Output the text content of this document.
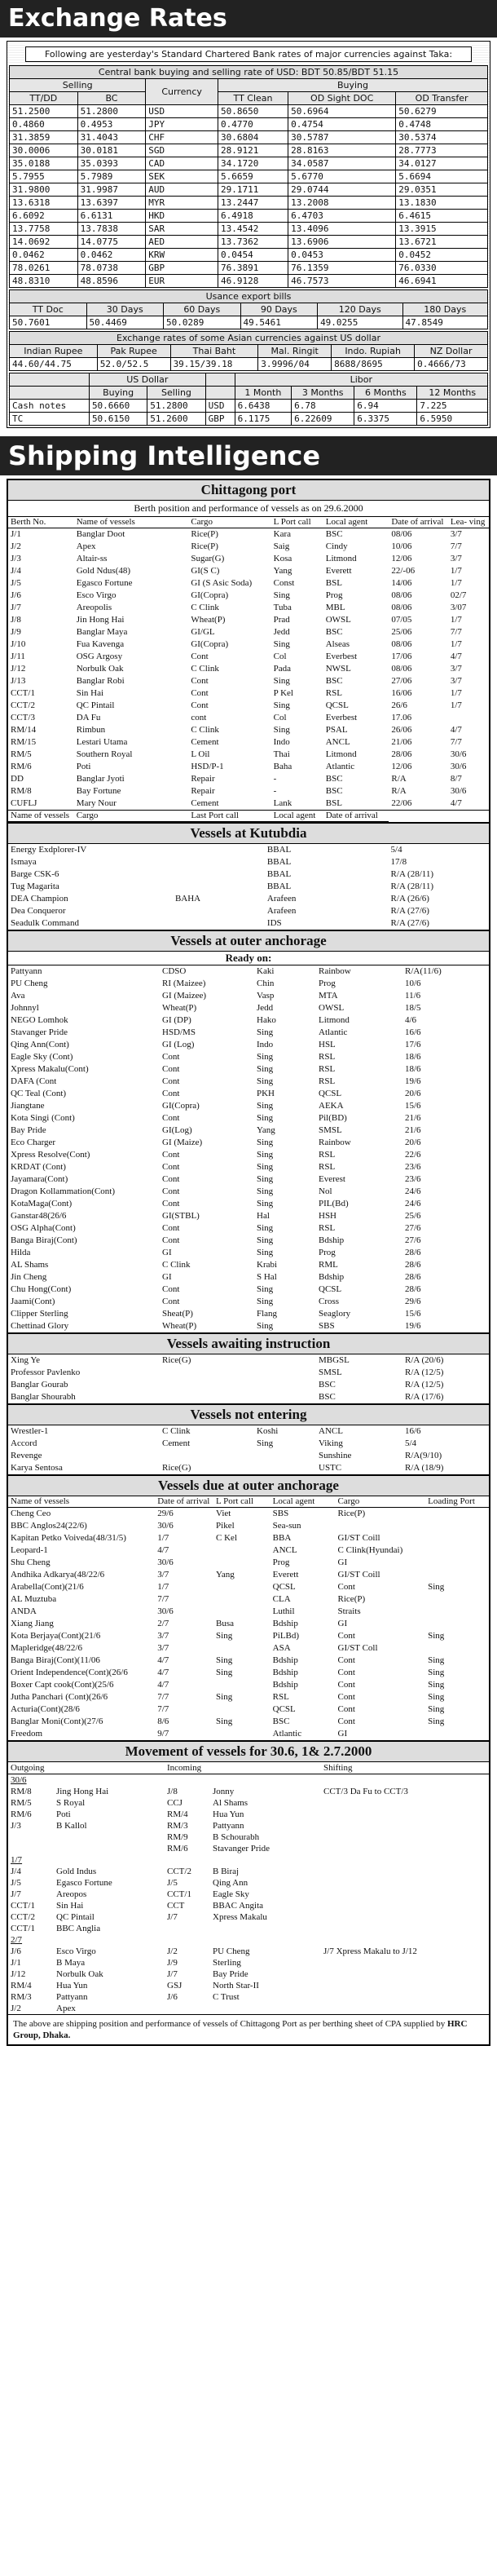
Exchange Rates
Following are yesterday's Standard Chartered Bank rates of major currencies against Taka:
Central bank buying and selling rate of USD: BDT 50.85/BDT 51.15					
Selling		Currency	Buying		
TT/DD	BC		TT Clean	OD Sight DOC	OD Transfer
51.2500	51.2800	USD	50.8650	50.6964	50.6279
0.4860	0.4953	JPY	0.4770	0.4754	0.4748
31.3859	31.4043	CHF	30.6804	30.5787	30.5374
30.0006	30.0181	SGD	28.9121	28.8163	28.7773
35.0188	35.0393	CAD	34.1720	34.0587	34.0127
5.7955	5.7989	SEK	5.6659	5.6770	5.6694
31.9800	31.9987	AUD	29.1711	29.0744	29.0351
13.6318	13.6397	MYR	13.2447	13.2008	13.1830
6.6092	6.6131	HKD	6.4918	6.4703	6.4615
13.7758	13.7838	SAR	13.4542	13.4096	13.3915
14.0692	14.0775	AED	13.7362	13.6906	13.6721
0.0462	0.0462	KRW	0.0454	0.0453	0.0452
78.0261	78.0738	GBP	76.3891	76.1359	76.0330
48.8310	48.8596	EUR	46.9128	46.7573	46.6941
Usance export bills					
TT Doc	30 Days	60 Days	90 Days	120 Days	180 Days
50.7601	50.4469	50.0289	49.5461	49.0255	47.8549
Exchange rates of some Asian currencies against US dollar					
Indian Rupee	Pak Rupee	Thai Baht	Mal. Ringit	Indo. Rupiah	NZ Dollar
44.60/44.75	52.0/52.5	39.15/39.18	3.9996/04	8688/8695	0.4666/73
	US Dollar			Libor			
	Buying	Selling		1 Month	3 Months	6 Months	12 Months
Cash notes	50.6660	51.2800	USD	6.6438	6.78	6.94	7.225
TC	50.6150	51.2600	GBP	6.1175	6.22609	6.3375	6.5950
Shipping Intelligence
Chittagong port
Berth position and performance of vessels as on 29.6.2000
Berth No.	Name of vessels	Cargo	L Port call	Local agent	Date of arrival	Lea- ving
J/1	Banglar Doot	Rice(P)	Kara	BSC	08/06	3/7
J/2	Apex	Rice(P)	Saig	Cindy	10/06	7/7
J/3	Altair-ss	Sugar(G)	Kosa	Litmond	12/06	3/7
J/4	Gold Ndus(48)	GI(S C)	Yang	Everett	22/-06	1/7
J/5	Egasco Fortune	GI (S Asic Soda)	Const	BSL	14/06	1/7
J/6	Esco Virgo	GI(Copra)	Sing	Prog	08/06	02/7
J/7	Areopolis	C Clink	Tuba	MBL	08/06	3/07
J/8	Jin Hong Hai	Wheat(P)	Prad	OWSL	07/05	1/7
J/9	Banglar Maya	GI/GL	Jedd	BSC	25/06	7/7
J/10	Fua Kavenga	GI(Copra)	Sing	Alseas	08/06	1/7
J/11	OSG Argosy	Cont	Col	Everbest	17/06	4/7
J/12	Norbulk Oak	C Clink	Pada	NWSL	08/06	3/7
J/13	Banglar Robi	Cont	Sing	BSC	27/06	3/7
CCT/1	Sin Hai	Cont	P Kel	RSL	16/06	1/7
CCT/2	QC Pintail	Cont	Sing	QCSL	26/6	1/7
CCT/3	DA Fu	cont	Col	Everbest	17.06	
RM/14	Rimbun	C Clink	Sing	PSAL	26/06	4/7
RM/15	Lestari Utama	Cement	Indo	ANCL	21/06	7/7
RM/5	Southern Royal	L Oil	Thai	Litmond	28/06	30/6
RM/6	Poti	HSD/P-1	Baha	Atlantic	12/06	30/6
DD	Banglar Jyoti	Repair	-	BSC	R/A	8/7
RM/8	Bay Fortune	Repair	-	BSC	R/A	30/6
CUFLJ	Mary Nour	Cement	Lank	BSL	22/06	4/7
Name of vessels	Cargo	Last Port call	Local agent	Date of arrival		
Vessels at Kutubdia
Energy Exdplorer-IV		BBAL	5/4
Ismaya		BBAL	17/8
Barge CSK-6		BBAL	R/A (28/11)
Tug Magarita		BBAL	R/A (28/11)
DEA Champion	BAHA	Arafeen	R/A (26/6)
Dea Conqueror		Arafeen	R/A (27/6)
Seadulk Command		IDS	R/A (27/6)
Vessels at outer anchorage
Ready on:
Pattyann	CDSO	Kaki	Rainbow	R/A(11/6)
PU Cheng	RI (Maizee)	Chin	Prog	10/6
Ava	GI (Maizee)	Vasp	MTA	11/6
Johnnyl	Wheat(P)	Jedd	OWSL	18/5
NEGO Lomhok	GI (DP)	Hako	Litmond	4/6
Stavanger Pride	HSD/MS	Sing	Atlantic	16/6
Qing Ann(Cont)	GI (Log)	Indo	HSL	17/6
Eagle Sky (Cont)	Cont	Sing	RSL	18/6
Xpress Makalu(Cont)	Cont	Sing	RSL	18/6
DAFA (Cont	Cont	Sing	RSL	19/6
QC Teal (Cont)	Cont	PKH	QCSL	20/6
Jiangtane	GI(Copra)	Sing	AEKA	15/6
Kota Singi (Cont)	Cont	Sing	Pil(BD)	21/6
Bay Pride	GI(Log)	Yang	SMSL	21/6
Eco Charger	GI (Maize)	Sing	Rainbow	20/6
Xpress Resolve(Cont)	Cont	Sing	RSL	22/6
KRDAT (Cont)	Cont	Sing	RSL	23/6
Jayamara(Cont)	Cont	Sing	Everest	23/6
Dragon Kollammation(Cont)	Cont	Sing	Nol	24/6
KotaMaga(Cont)	Cont	Sing	PIL(Bd)	24/6
Ganstar48(26/6	GI(STBL)	Hal	HSH	25/6
OSG Alpha(Cont)	Cont	Sing	RSL	27/6
Banga Biraj(Cont)	Cont	Sing	Bdship	27/6
Hilda	GI	Sing	Prog	28/6
AL Shams	C Clink	Krabi	RML	28/6
Jin Cheng	GI	S Hal	Bdship	28/6
Chu Hong(Cont)	Cont	Sing	QCSL	28/6
Jaami(Cont)	Cont	Sing	Cross	29/6
Clipper Sterling	Sheat(P)	Flang	Seaglory	15/6
Chettinad Glory	Wheat(P)	Sing	SBS	19/6
Vessels awaiting instruction
Xing Ye	Rice(G)		MBGSL	R/A (20/6)
Professor Pavlenko			SMSL	R/A (12/5)
Banglar Gourab			BSC	R/A (12/5)
Banglar Shourabh			BSC	R/A (17/6)
Vessels not entering
Wrestler-1	C Clink	Koshi	ANCL	16/6
Accord	Cement	Sing	Viking	5/4
Revenge			Sunshine	R/A(9/10)
Karya Sentosa	Rice(G)		USTC	R/A (18/9)
Vessels due at outer anchorage
Name of vessels	Date of arrival	L Port call	Local agent	Cargo	Loading Port
Cheng Ceo	29/6	Viet	SBS	Rice(P)	
BBC Anglos24(22/6)	30/6	Pikel	Sea-sun		
Kapitan Petko Voiveda(48/31/5)	1/7	C Kel	BBA	GI/ST Coill	
Leopard-1	4/7		ANCL	C Clink(Hyundai)	
Shu Cheng	30/6		Prog	GI	
Andhika Adkarya(48/22/6	3/7	Yang	Everett	GI/ST Coill	
Arabella(Cont)(21/6	1/7		QCSL	Cont	Sing
AL Muztuba	7/7		CLA	Rice(P)	
ANDA	30/6		Luthil	Straits	
Xiang Jiang	2/7	Busa	Bdship	GI	
Kota Berjaya(Cont)(21/6	3/7	Sing	PiLBd)	Cont	Sing
Mapleridge(48/22/6	3/7		ASA	GI/ST Coll	
Banga Biraj(Cont)(11/06	4/7	Sing	Bdship	Cont	Sing
Orient Independence(Cont)(26/6	4/7	Sing	Bdship	Cont	Sing
Boxer Capt cook(Cont)(25/6	4/7		Bdship	Cont	Sing
Jutha Panchari (Cont)(26/6	7/7	Sing	RSL	Cont	Sing
Acturia(Cont)(28/6	7/7		QCSL	Cont	Sing
Banglar Moni(Cont)(27/6	8/6	Sing	BSC	Cont	Sing
Freedom	9/7		Atlantic	GI	
Movement of vessels for 30.6, 1& 2.7.2000
Outgoing		Incoming		Shifting
30/6				
RM/8	Jing Hong Hai	J/8	Jonny	CCT/3 Da Fu to CCT/3
RM/5	S Royal	CCJ	Al Shams	
RM/6	Poti	RM/4	Hua Yun	
J/3	B Kallol	RM/3	Pattyann	
		RM/9	B Schourabh	
		RM/6	Stavanger Pride	
1/7				
J/4	Gold Indus	CCT/2	B Biraj	
J/5	Egasco Fortune	J/5	Qing Ann	
J/7	Areopos	CCT/1	Eagle Sky	
CCT/1	Sin Hai	CCT	BBAC Angita	
CCT/2	QC Pintail	J/7	Xpress Makalu	
CCT/1	BBC Anglia			
2/7				
J/6	Esco Virgo	J/2	PU Cheng	J/7 Xpress Makalu to J/12
J/1	B Maya	J/9	Sterling	
J/12	Norbulk Oak	J/7	Bay Pride	
RM/4	Hua Yun	GSJ	North Star-II	
RM/3	Pattyann	J/6	C Trust	
J/2	Apex			
The above are shipping position and performance of vessels of Chittagong Port as per berthing sheet of CPA supplied by HRC Group, Dhaka.
